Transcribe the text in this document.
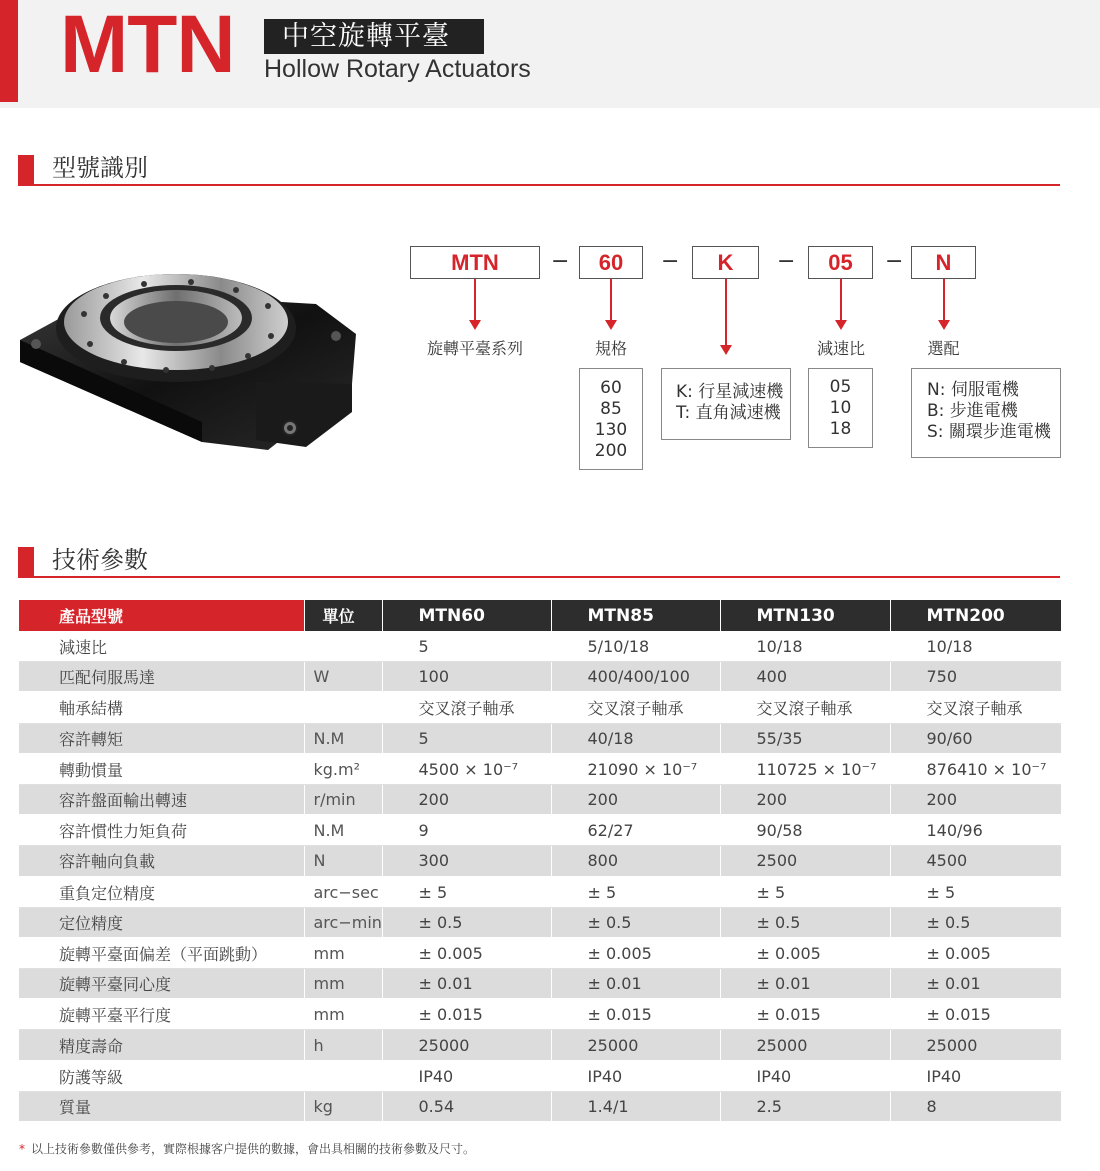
MTN 中空旋轉平臺
Hollow Rotary Actuators
型號識別
MTN	−	60	−	K	−	05	−	N
旋轉平臺系列	規格	減速比	選配
60
85
130
200
K: 行星減速機
T: 直角減速機
05
10
18
N: 伺服電機
B: 步進電機
S: 關環步進電機
技術參數
產品型號	單位	MTN60	MTN85	MTN130	MTN200
減速比		5	5/10/18	10/18	10/18
匹配伺服馬達	W	100	400/400/100	400	750
軸承結構		交叉滾子軸承	交叉滾子軸承	交叉滾子軸承	交叉滾子軸承
容許轉矩	N.M	5	40/18	55/35	90/60
轉動慣量	kg.m²	4500 × 10⁻⁷	21090 × 10⁻⁷	110725 × 10⁻⁷	876410 × 10⁻⁷
容許盤面輸出轉速	r/min	200	200	200	200
容許慣性力矩負荷	N.M	9	62/27	90/58	140/96
容許軸向負載	N	300	800	2500	4500
重負定位精度	arc−sec	± 5	± 5	± 5	± 5
定位精度	arc−min	± 0.5	± 0.5	± 0.5	± 0.5
旋轉平臺面偏差（平面跳動）	mm	± 0.005	± 0.005	± 0.005	± 0.005
旋轉平臺同心度	mm	± 0.01	± 0.01	± 0.01	± 0.01
旋轉平臺平行度	mm	± 0.015	± 0.015	± 0.015	± 0.015
精度壽命	h	25000	25000	25000	25000
防護等級		IP40	IP40	IP40	IP40
質量	kg	0.54	1.4/1	2.5	8
* 以上技術參數僅供參考，實際根據客户提供的數據，會出具相關的技術參數及尺寸。
